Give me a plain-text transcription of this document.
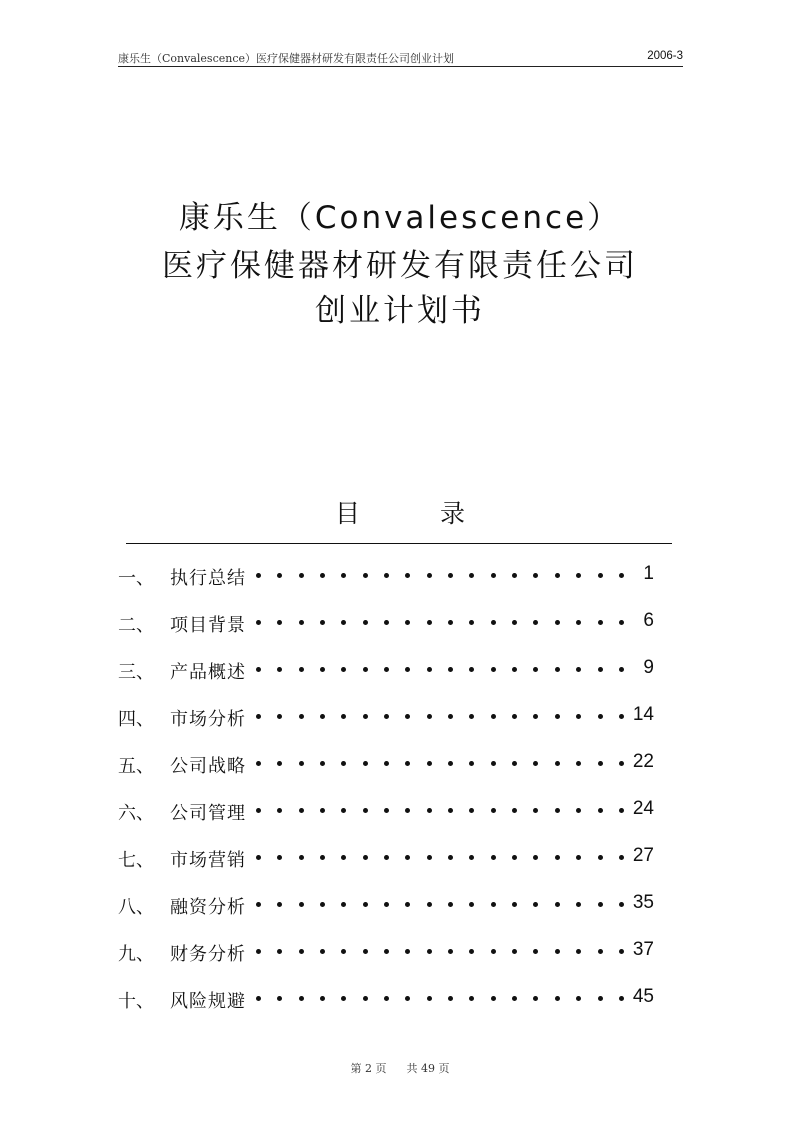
康乐生（Convalescence）医疗保健器材研发有限责任公司创业计划	2006-3
康乐生（Convalescence）
医疗保健器材研发有限责任公司
创业计划书
目	录
一、 执行总结	1
二、 项目背景	6
三、 产品概述	9
四、 市场分析	14
五、 公司战略	22
六、 公司管理	24
七、 市场营销	27
八、 融资分析	35
九、 财务分析	37
十、 风险规避	45
第 2 页 共 49 页
